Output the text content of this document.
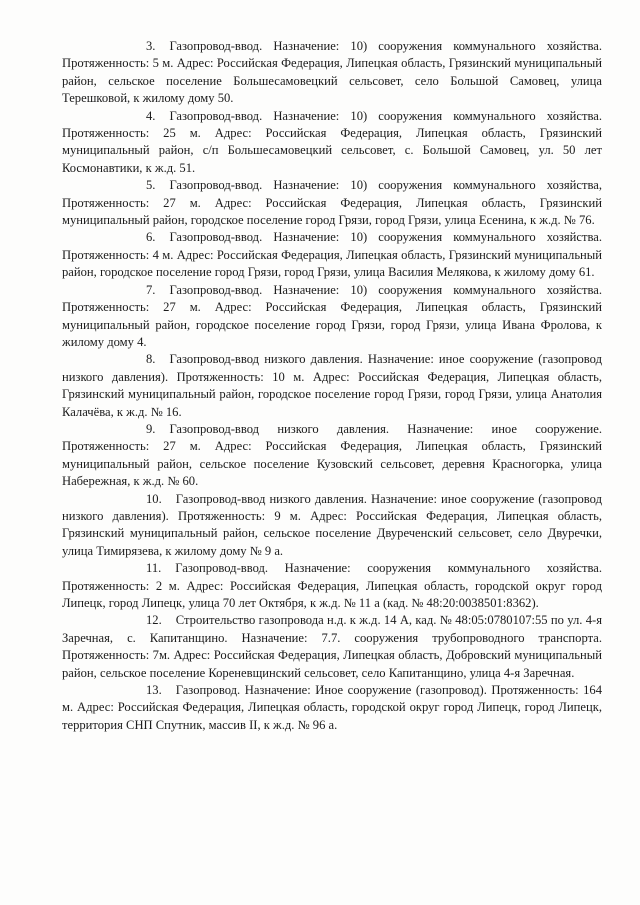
3. Газопровод-ввод. Назначение: 10) сооружения коммунального хозяйства. Протяженность: 5 м. Адрес: Российская Федерация, Липецкая область, Грязинский муниципальный район, сельское поселение Большесамовецкий сельсовет, село Большой Самовец, улица Терешковой, к жилому дому 50.

4. Газопровод-ввод. Назначение: 10) сооружения коммунального хозяйства. Протяженность: 25 м. Адрес: Российская Федерация, Липецкая область, Грязинский муниципальный район, с/п Большесамовецкий сельсовет, с. Большой Самовец, ул. 50 лет Космонавтики, к ж.д. 51.

5. Газопровод-ввод. Назначение: 10) сооружения коммунального хозяйства, Протяженность: 27 м. Адрес: Российская Федерация, Липецкая область, Грязинский муниципальный район, городское поселение город Грязи, город Грязи, улица Есенина, к ж.д. № 76.

6. Газопровод-ввод. Назначение: 10) сооружения коммунального хозяйства. Протяженность: 4 м. Адрес: Российская Федерация, Липецкая область, Грязинский муниципальный район, городское поселение город Грязи, город Грязи, улица Василия Мелякова, к жилому дому 61.

7. Газопровод-ввод. Назначение: 10) сооружения коммунального хозяйства. Протяженность: 27 м. Адрес: Российская Федерация, Липецкая область, Грязинский муниципальный район, городское поселение город Грязи, город Грязи, улица Ивана Фролова, к жилому дому 4.

8. Газопровод-ввод низкого давления. Назначение: иное сооружение (газопровод низкого давления). Протяженность: 10 м. Адрес: Российская Федерация, Липецкая область, Грязинский муниципальный район, городское поселение город Грязи, город Грязи, улица Анатолия Калачёва, к ж.д. № 16.

9. Газопровод-ввод низкого давления. Назначение: иное сооружение. Протяженность: 27 м. Адрес: Российская Федерация, Липецкая область, Грязинский муниципальный район, сельское поселение Кузовский сельсовет, деревня Красногорка, улица Набережная, к ж.д. № 60.

10. Газопровод-ввод низкого давления. Назначение: иное сооружение (газопровод низкого давления). Протяженность: 9 м. Адрес: Российская Федерация, Липецкая область, Грязинский муниципальный район, сельское поселение Двуреченский сельсовет, село Двуречки, улица Тимирязева, к жилому дому № 9 а.

11. Газопровод-ввод. Назначение: сооружения коммунального хозяйства. Протяженность: 2 м. Адрес: Российская Федерация, Липецкая область, городской округ город Липецк, город Липецк, улица 70 лет Октября, к ж.д. № 11 а (кад. № 48:20:0038501:8362).

12. Строительство газопровода н.д. к ж.д. 14 А, кад. № 48:05:0780107:55 по ул. 4-я Заречная, с. Капитанщино. Назначение: 7.7. сооружения трубопроводного транспорта. Протяженность: 7м. Адрес: Российская Федерация, Липецкая область, Добровский муниципальный район, сельское поселение Кореневщинский сельсовет, село Капитанщино, улица 4-я Заречная.

13. Газопровод. Назначение: Иное сооружение (газопровод). Протяженность: 164 м. Адрес: Российская Федерация, Липецкая область, городской округ город Липецк, город Липецк, территория СНП Спутник, массив II, к ж.д. № 96 а.
